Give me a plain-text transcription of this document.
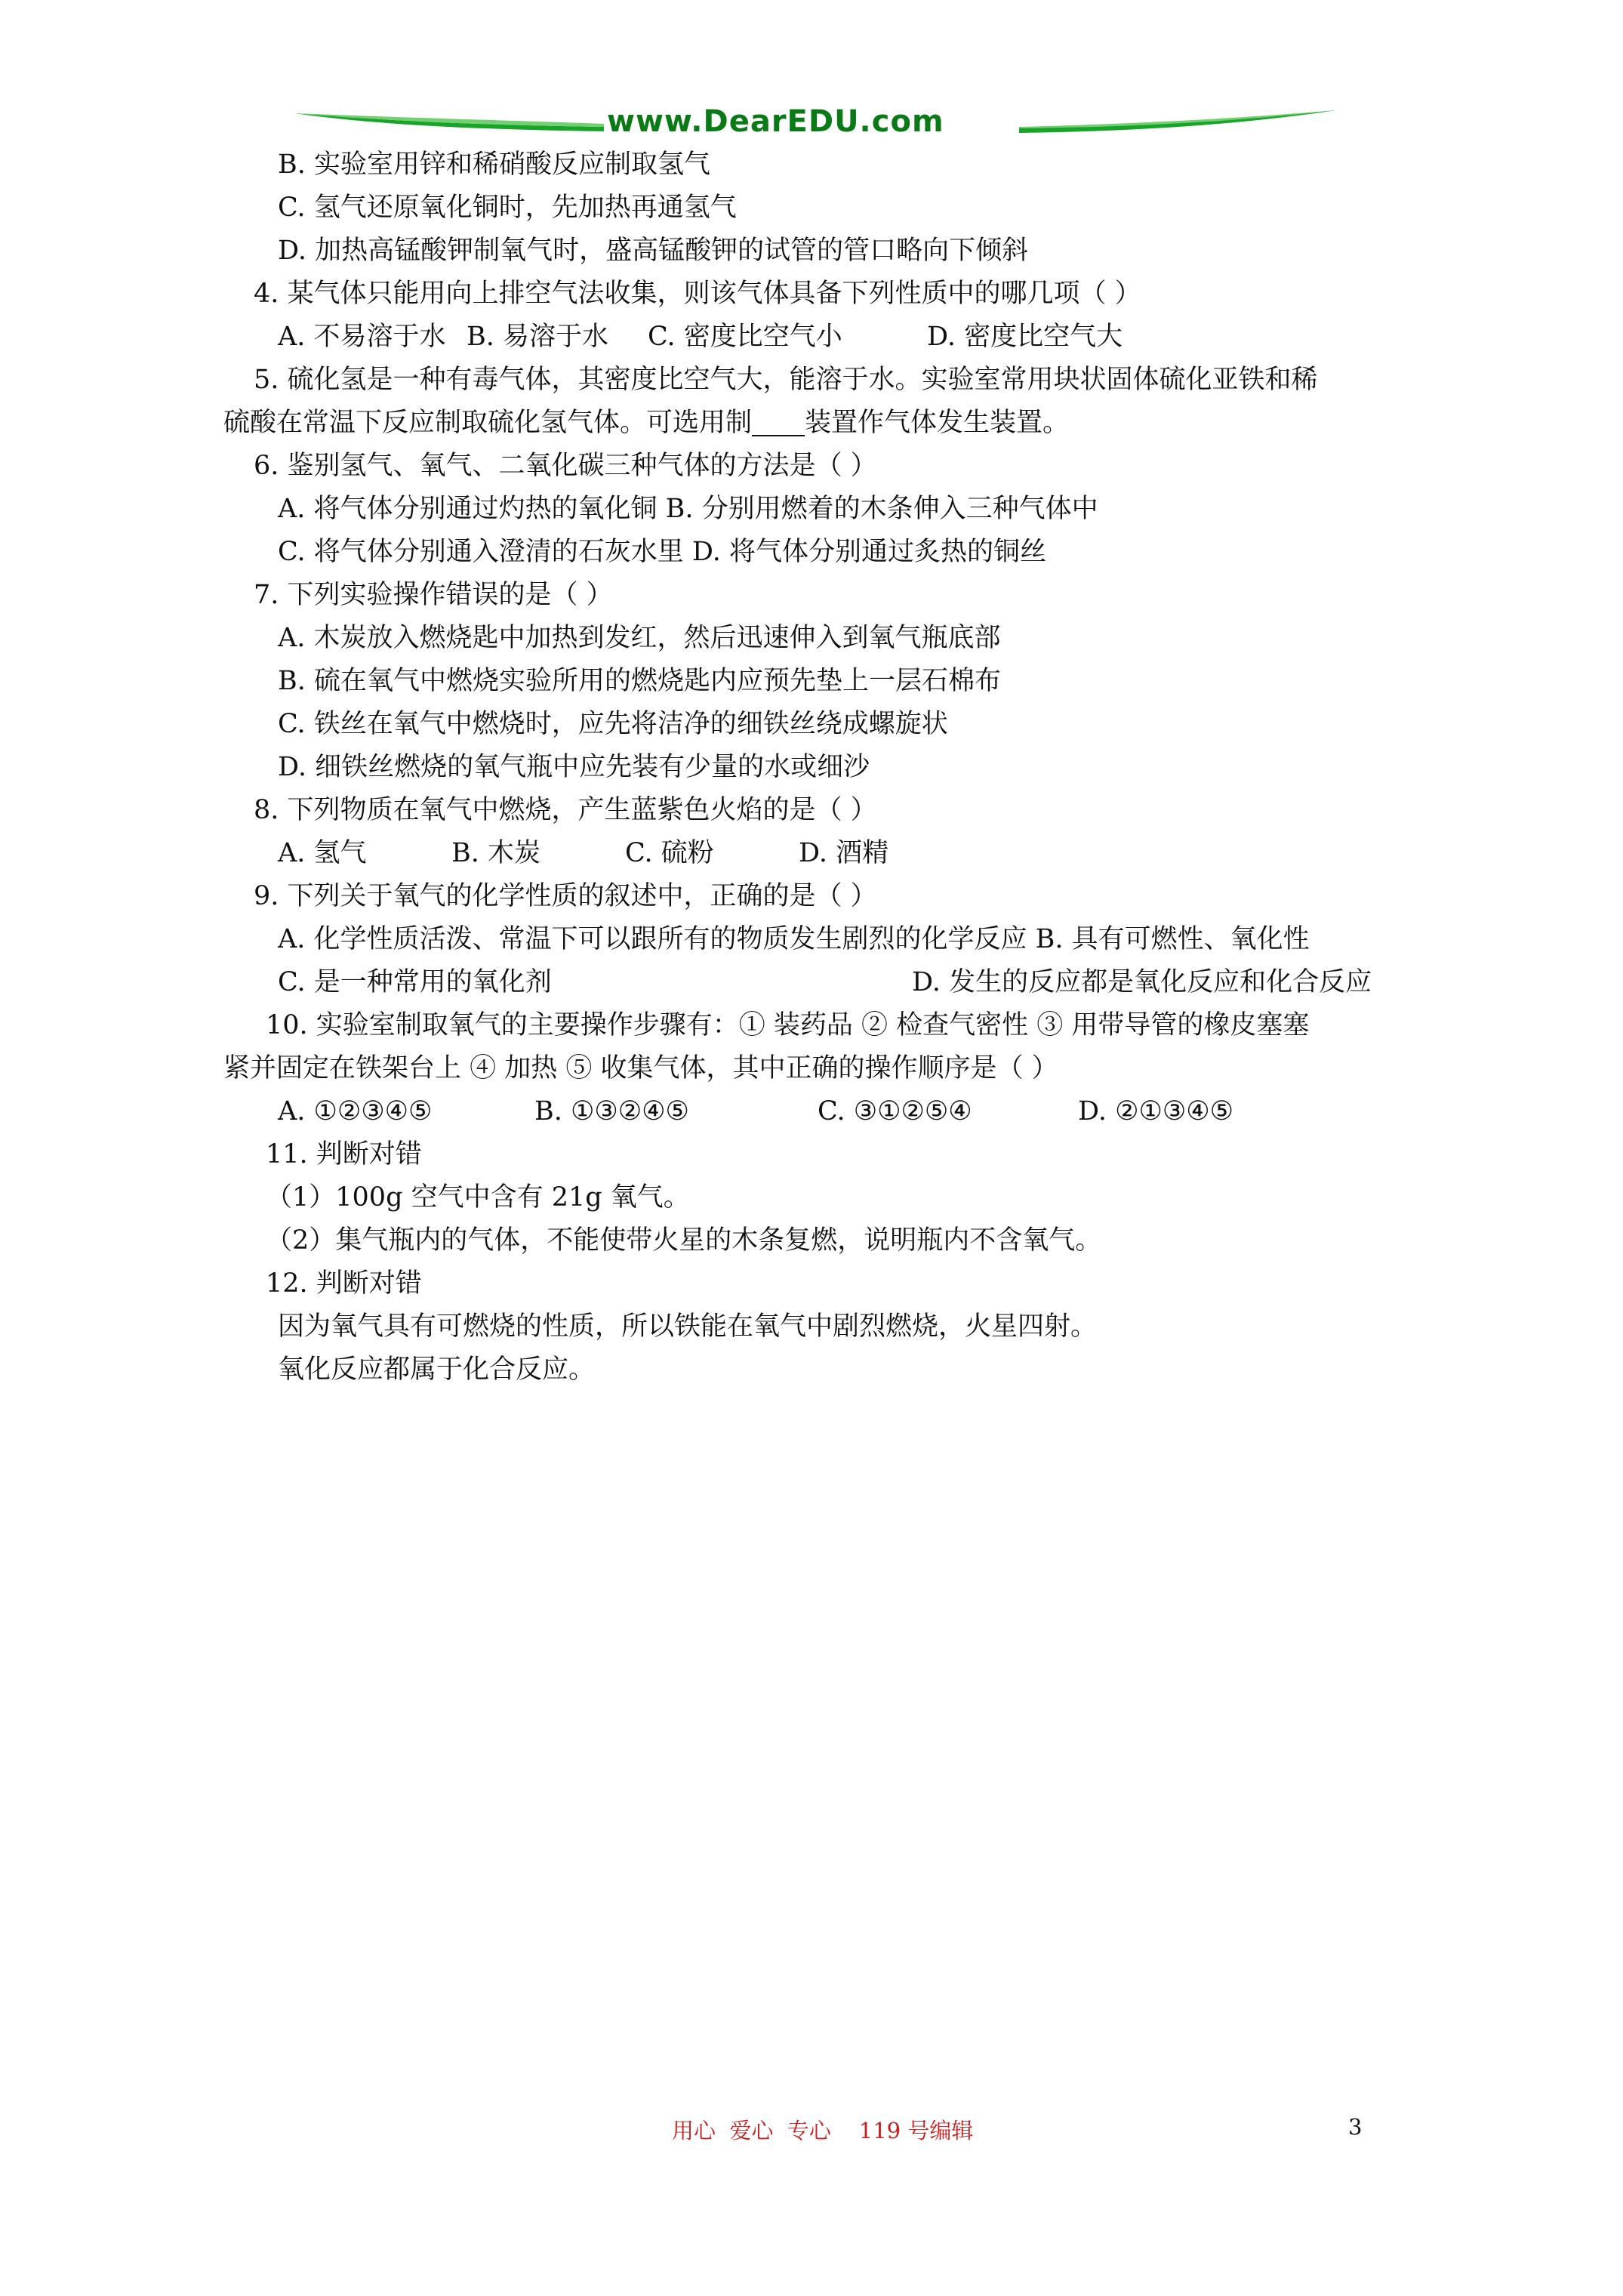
www.DearEDU.com
B. 实验室用锌和稀硝酸反应制取氢气
C. 氢气还原氧化铜时，先加热再通氢气
D. 加热高锰酸钾制氧气时，盛高锰酸钾的试管的管口略向下倾斜
4. 某气体只能用向上排空气法收集，则该气体具备下列性质中的哪几项（ ）
A. 不易溶于水 B. 易溶于水 C. 密度比空气小	D. 密度比空气大
5. 硫化氢是一种有毒气体，其密度比空气大，能溶于水。实验室常用块状固体硫化亚铁和稀
硫酸在常温下反应制取硫化氢气体。可选用制 装置作气体发生装置。
6. 鉴别氢气、氧气、二氧化碳三种气体的方法是（ ）
A. 将气体分别通过灼热的氧化铜 B. 分别用燃着的木条伸入三种气体中
C. 将气体分别通入澄清的石灰水里 D. 将气体分别通过炙热的铜丝
7. 下列实验操作错误的是（ ）
A. 木炭放入燃烧匙中加热到发红，然后迅速伸入到氧气瓶底部
B. 硫在氧气中燃烧实验所用的燃烧匙内应预先垫上一层石棉布
C. 铁丝在氧气中燃烧时，应先将洁净的细铁丝绕成螺旋状
D. 细铁丝燃烧的氧气瓶中应先装有少量的水或细沙
8. 下列物质在氧气中燃烧，产生蓝紫色火焰的是（ ）
A. 氢气	B. 木炭	C. 硫粉	D. 酒精
9. 下列关于氧气的化学性质的叙述中，正确的是（ ）
A. 化学性质活泼、常温下可以跟所有的物质发生剧烈的化学反应 B. 具有可燃性、氧化性
C. 是一种常用的氧化剂	D. 发生的反应都是氧化反应和化合反应
10. 实验室制取氧气的主要操作步骤有：① 装药品 ② 检查气密性 ③ 用带导管的橡皮塞塞
紧并固定在铁架台上 ④ 加热 ⑤ 收集气体，其中正确的操作顺序是（ ）
A. ①②③④⑤	B. ①③②④⑤	C. ③①②⑤④	D. ②①③④⑤
11. 判断对错
（1）100g 空气中含有 21g 氧气。
（2）集气瓶内的气体，不能使带火星的木条复燃，说明瓶内不含氧气。
12. 判断对错
因为氧气具有可燃烧的性质，所以铁能在氧气中剧烈燃烧，火星四射。
氧化反应都属于化合反应。
用心  爱心  专心    119 号编辑	3
